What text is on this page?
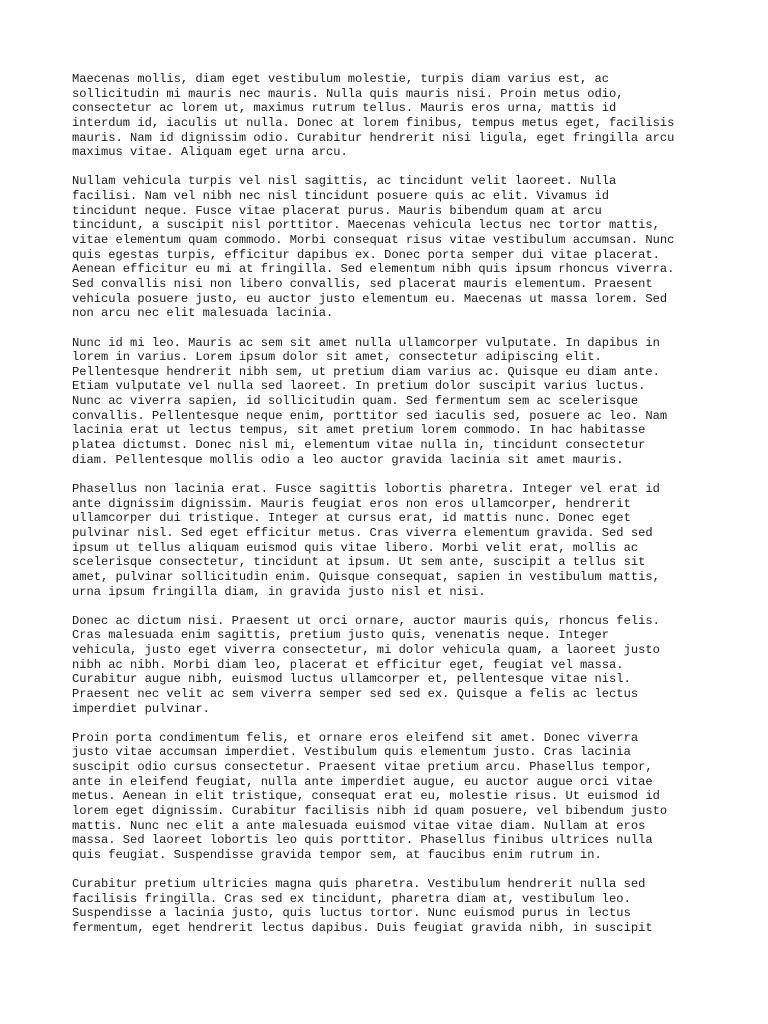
Maecenas mollis, diam eget vestibulum molestie, turpis diam varius est, ac
sollicitudin mi mauris nec mauris. Nulla quis mauris nisi. Proin metus odio,
consectetur ac lorem ut, maximus rutrum tellus. Mauris eros urna, mattis id
interdum id, iaculis ut nulla. Donec at lorem finibus, tempus metus eget, facilisis
mauris. Nam id dignissim odio. Curabitur hendrerit nisi ligula, eget fringilla arcu
maximus vitae. Aliquam eget urna arcu.

Nullam vehicula turpis vel nisl sagittis, ac tincidunt velit laoreet. Nulla
facilisi. Nam vel nibh nec nisl tincidunt posuere quis ac elit. Vivamus id
tincidunt neque. Fusce vitae placerat purus. Mauris bibendum quam at arcu
tincidunt, a suscipit nisl porttitor. Maecenas vehicula lectus nec tortor mattis,
vitae elementum quam commodo. Morbi consequat risus vitae vestibulum accumsan. Nunc
quis egestas turpis, efficitur dapibus ex. Donec porta semper dui vitae placerat.
Aenean efficitur eu mi at fringilla. Sed elementum nibh quis ipsum rhoncus viverra.
Sed convallis nisi non libero convallis, sed placerat mauris elementum. Praesent
vehicula posuere justo, eu auctor justo elementum eu. Maecenas ut massa lorem. Sed
non arcu nec elit malesuada lacinia.

Nunc id mi leo. Mauris ac sem sit amet nulla ullamcorper vulputate. In dapibus in
lorem in varius. Lorem ipsum dolor sit amet, consectetur adipiscing elit.
Pellentesque hendrerit nibh sem, ut pretium diam varius ac. Quisque eu diam ante.
Etiam vulputate vel nulla sed laoreet. In pretium dolor suscipit varius luctus.
Nunc ac viverra sapien, id sollicitudin quam. Sed fermentum sem ac scelerisque
convallis. Pellentesque neque enim, porttitor sed iaculis sed, posuere ac leo. Nam
lacinia erat ut lectus tempus, sit amet pretium lorem commodo. In hac habitasse
platea dictumst. Donec nisl mi, elementum vitae nulla in, tincidunt consectetur
diam. Pellentesque mollis odio a leo auctor gravida lacinia sit amet mauris.

Phasellus non lacinia erat. Fusce sagittis lobortis pharetra. Integer vel erat id
ante dignissim dignissim. Mauris feugiat eros non eros ullamcorper, hendrerit
ullamcorper dui tristique. Integer at cursus erat, id mattis nunc. Donec eget
pulvinar nisl. Sed eget efficitur metus. Cras viverra elementum gravida. Sed sed
ipsum ut tellus aliquam euismod quis vitae libero. Morbi velit erat, mollis ac
scelerisque consectetur, tincidunt at ipsum. Ut sem ante, suscipit a tellus sit
amet, pulvinar sollicitudin enim. Quisque consequat, sapien in vestibulum mattis,
urna ipsum fringilla diam, in gravida justo nisl et nisi.

Donec ac dictum nisi. Praesent ut orci ornare, auctor mauris quis, rhoncus felis.
Cras malesuada enim sagittis, pretium justo quis, venenatis neque. Integer
vehicula, justo eget viverra consectetur, mi dolor vehicula quam, a laoreet justo
nibh ac nibh. Morbi diam leo, placerat et efficitur eget, feugiat vel massa.
Curabitur augue nibh, euismod luctus ullamcorper et, pellentesque vitae nisl.
Praesent nec velit ac sem viverra semper sed sed ex. Quisque a felis ac lectus
imperdiet pulvinar.

Proin porta condimentum felis, et ornare eros eleifend sit amet. Donec viverra
justo vitae accumsan imperdiet. Vestibulum quis elementum justo. Cras lacinia
suscipit odio cursus consectetur. Praesent vitae pretium arcu. Phasellus tempor,
ante in eleifend feugiat, nulla ante imperdiet augue, eu auctor augue orci vitae
metus. Aenean in elit tristique, consequat erat eu, molestie risus. Ut euismod id
lorem eget dignissim. Curabitur facilisis nibh id quam posuere, vel bibendum justo
mattis. Nunc nec elit a ante malesuada euismod vitae vitae diam. Nullam at eros
massa. Sed laoreet lobortis leo quis porttitor. Phasellus finibus ultrices nulla
quis feugiat. Suspendisse gravida tempor sem, at faucibus enim rutrum in.

Curabitur pretium ultricies magna quis pharetra. Vestibulum hendrerit nulla sed
facilisis fringilla. Cras sed ex tincidunt, pharetra diam at, vestibulum leo.
Suspendisse a lacinia justo, quis luctus tortor. Nunc euismod purus in lectus
fermentum, eget hendrerit lectus dapibus. Duis feugiat gravida nibh, in suscipit
